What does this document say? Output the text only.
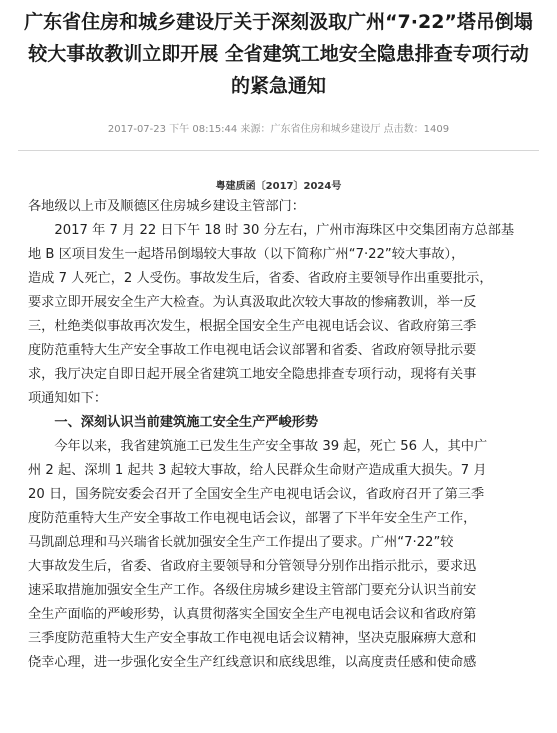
广东省住房和城乡建设厅关于深刻汲取广州“7·22”塔吊倒塌
较大事故教训立即开展 全省建筑工地安全隐患排查专项行动
的紧急通知
2017-07-23 下午 08:15:44 来源：广东省住房和城乡建设厅 点击数：1409
粤建质函〔2017〕2024号
各地级以上市及顺德区住房城乡建设主管部门：
　　2017 年 7 月 22 日下午 18 时 30 分左右，广州市海珠区中交集团南方总部基
地 B 区项目发生一起塔吊倒塌较大事故（以下简称广州“7·22”较大事故），
造成 7 人死亡，2 人受伤。事故发生后，省委、省政府主要领导作出重要批示，
要求立即开展安全生产大检查。为认真汲取此次较大事故的惨痛教训，举一反
三，杜绝类似事故再次发生，根据全国安全生产电视电话会议、省政府第三季
度防范重特大生产安全事故工作电视电话会议部署和省委、省政府领导批示要
求，我厅决定自即日起开展全省建筑工地安全隐患排查专项行动，现将有关事
项通知如下：
　　一、深刻认识当前建筑施工安全生产严峻形势
　　今年以来，我省建筑施工已发生生产安全事故 39 起，死亡 56 人，其中广
州 2 起、深圳 1 起共 3 起较大事故，给人民群众生命财产造成重大损失。7 月
20 日，国务院安委会召开了全国安全生产电视电话会议，省政府召开了第三季
度防范重特大生产安全事故工作电视电话会议，部署了下半年安全生产工作，
马凯副总理和马兴瑞省长就加强安全生产工作提出了要求。广州“7·22”较
大事故发生后，省委、省政府主要领导和分管领导分别作出指示批示，要求迅
速采取措施加强安全生产工作。各级住房城乡建设主管部门要充分认识当前安
全生产面临的严峻形势，认真贯彻落实全国安全生产电视电话会议和省政府第
三季度防范重特大生产安全事故工作电视电话会议精神，坚决克服麻痹大意和
侥幸心理，进一步强化安全生产红线意识和底线思维，以高度责任感和使命感
